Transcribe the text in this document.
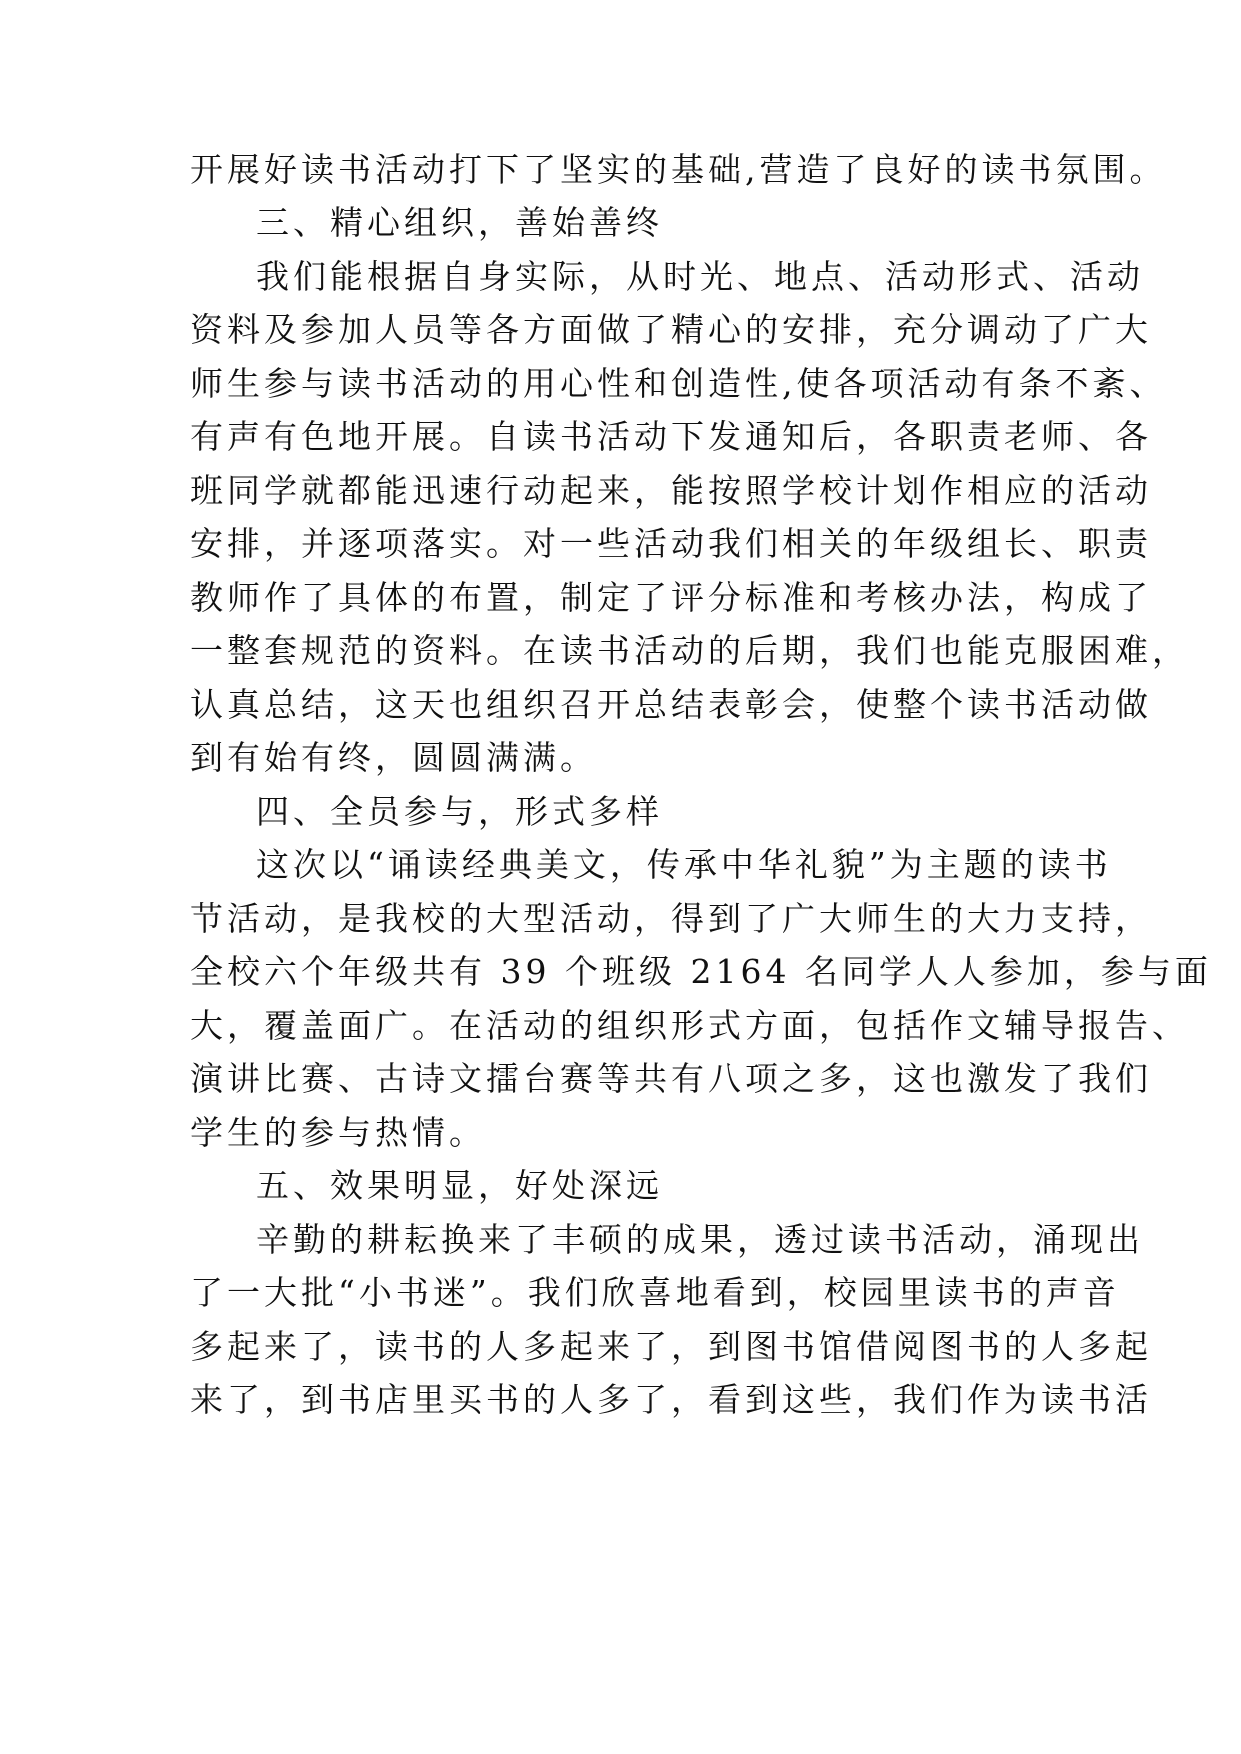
开展好读书活动打下了坚实的基础,营造了良好的读书氛围。
三、精心组织，善始善终
我们能根据自身实际，从时光、地点、活动形式、活动
资料及参加人员等各方面做了精心的安排，充分调动了广大
师生参与读书活动的用心性和创造性,使各项活动有条不紊、
有声有色地开展。自读书活动下发通知后，各职责老师、各
班同学就都能迅速行动起来，能按照学校计划作相应的活动
安排，并逐项落实。对一些活动我们相关的年级组长、职责
教师作了具体的布置，制定了评分标准和考核办法，构成了
一整套规范的资料。在读书活动的后期，我们也能克服困难，
认真总结，这天也组织召开总结表彰会，使整个读书活动做
到有始有终，圆圆满满。
四、全员参与，形式多样
这次以“诵读经典美文，传承中华礼貌”为主题的读书
节活动，是我校的大型活动，得到了广大师生的大力支持，
全校六个年级共有 39 个班级 2164 名同学人人参加，参与面
大，覆盖面广。在活动的组织形式方面，包括作文辅导报告、
演讲比赛、古诗文擂台赛等共有八项之多，这也激发了我们
学生的参与热情。
五、效果明显，好处深远
辛勤的耕耘换来了丰硕的成果，透过读书活动，涌现出
了一大批“小书迷”。我们欣喜地看到，校园里读书的声音
多起来了，读书的人多起来了，到图书馆借阅图书的人多起
来了，到书店里买书的人多了，看到这些，我们作为读书活
